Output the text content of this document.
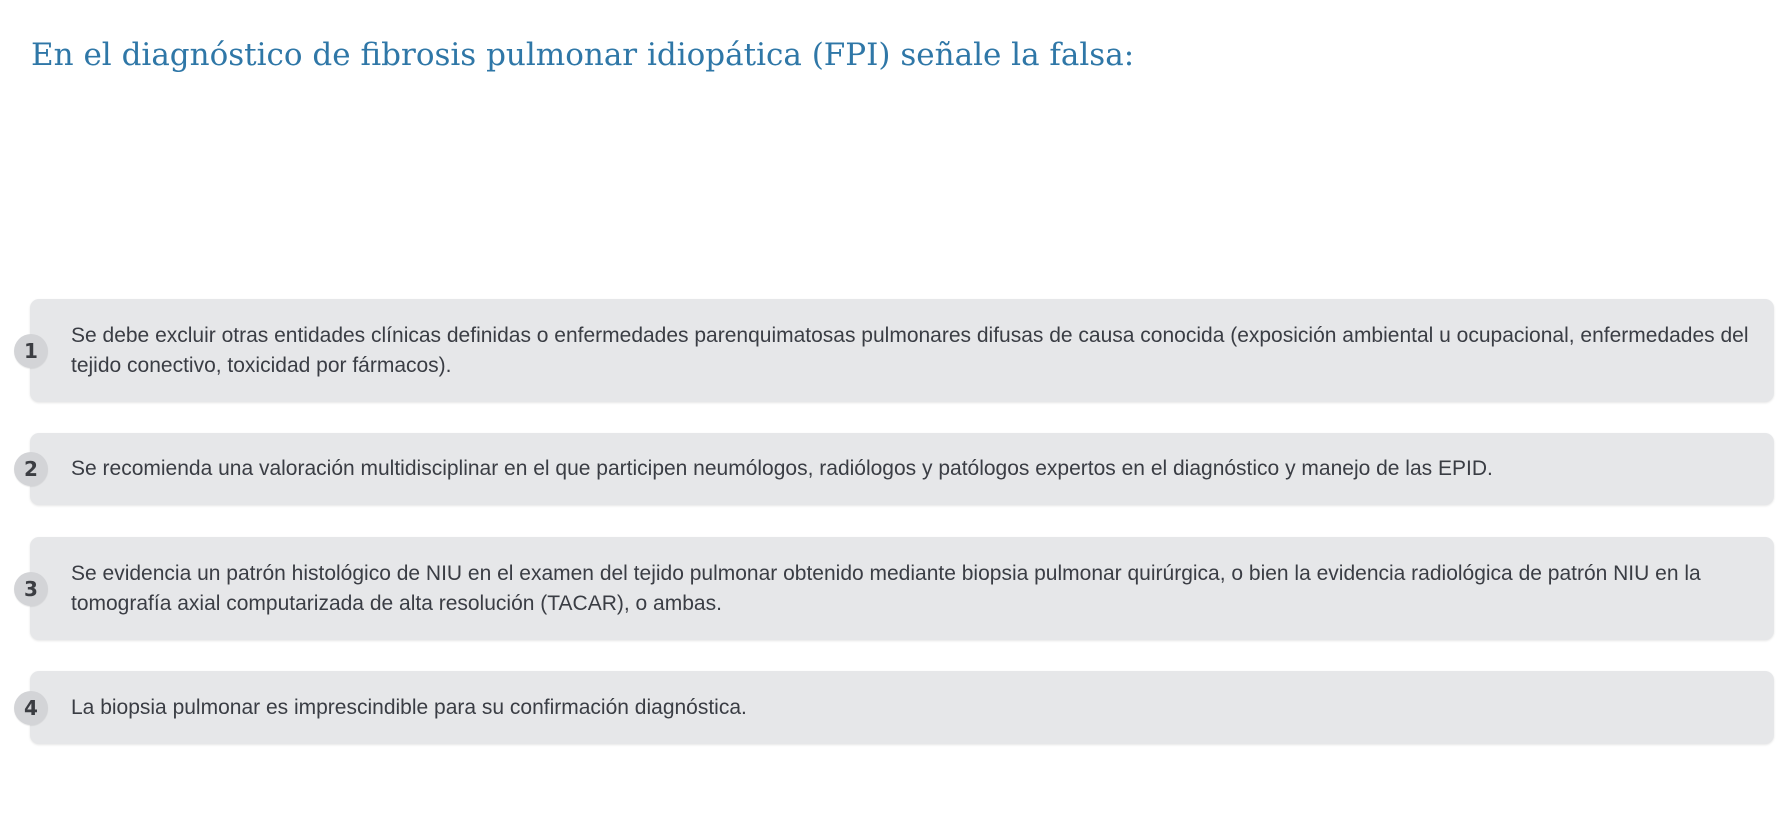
En el diagnóstico de fibrosis pulmonar idiopática (FPI) señale la falsa:
1
Se debe excluir otras entidades clínicas definidas o enfermedades parenquimatosas pulmonares difusas de causa conocida (exposición ambiental u ocupacional, enfermedades del tejido conectivo, toxicidad por fármacos).
2	Se recomienda una valoración multidisciplinar en el que participen neumólogos, radiólogos y patólogos expertos en el diagnóstico y manejo de las EPID.
3
Se evidencia un patrón histológico de NIU en el examen del tejido pulmonar obtenido mediante biopsia pulmonar quirúrgica, o bien la evidencia radiológica de patrón NIU en la tomografía axial computarizada de alta resolución (TACAR), o ambas.
4	La biopsia pulmonar es imprescindible para su confirmación diagnóstica.
